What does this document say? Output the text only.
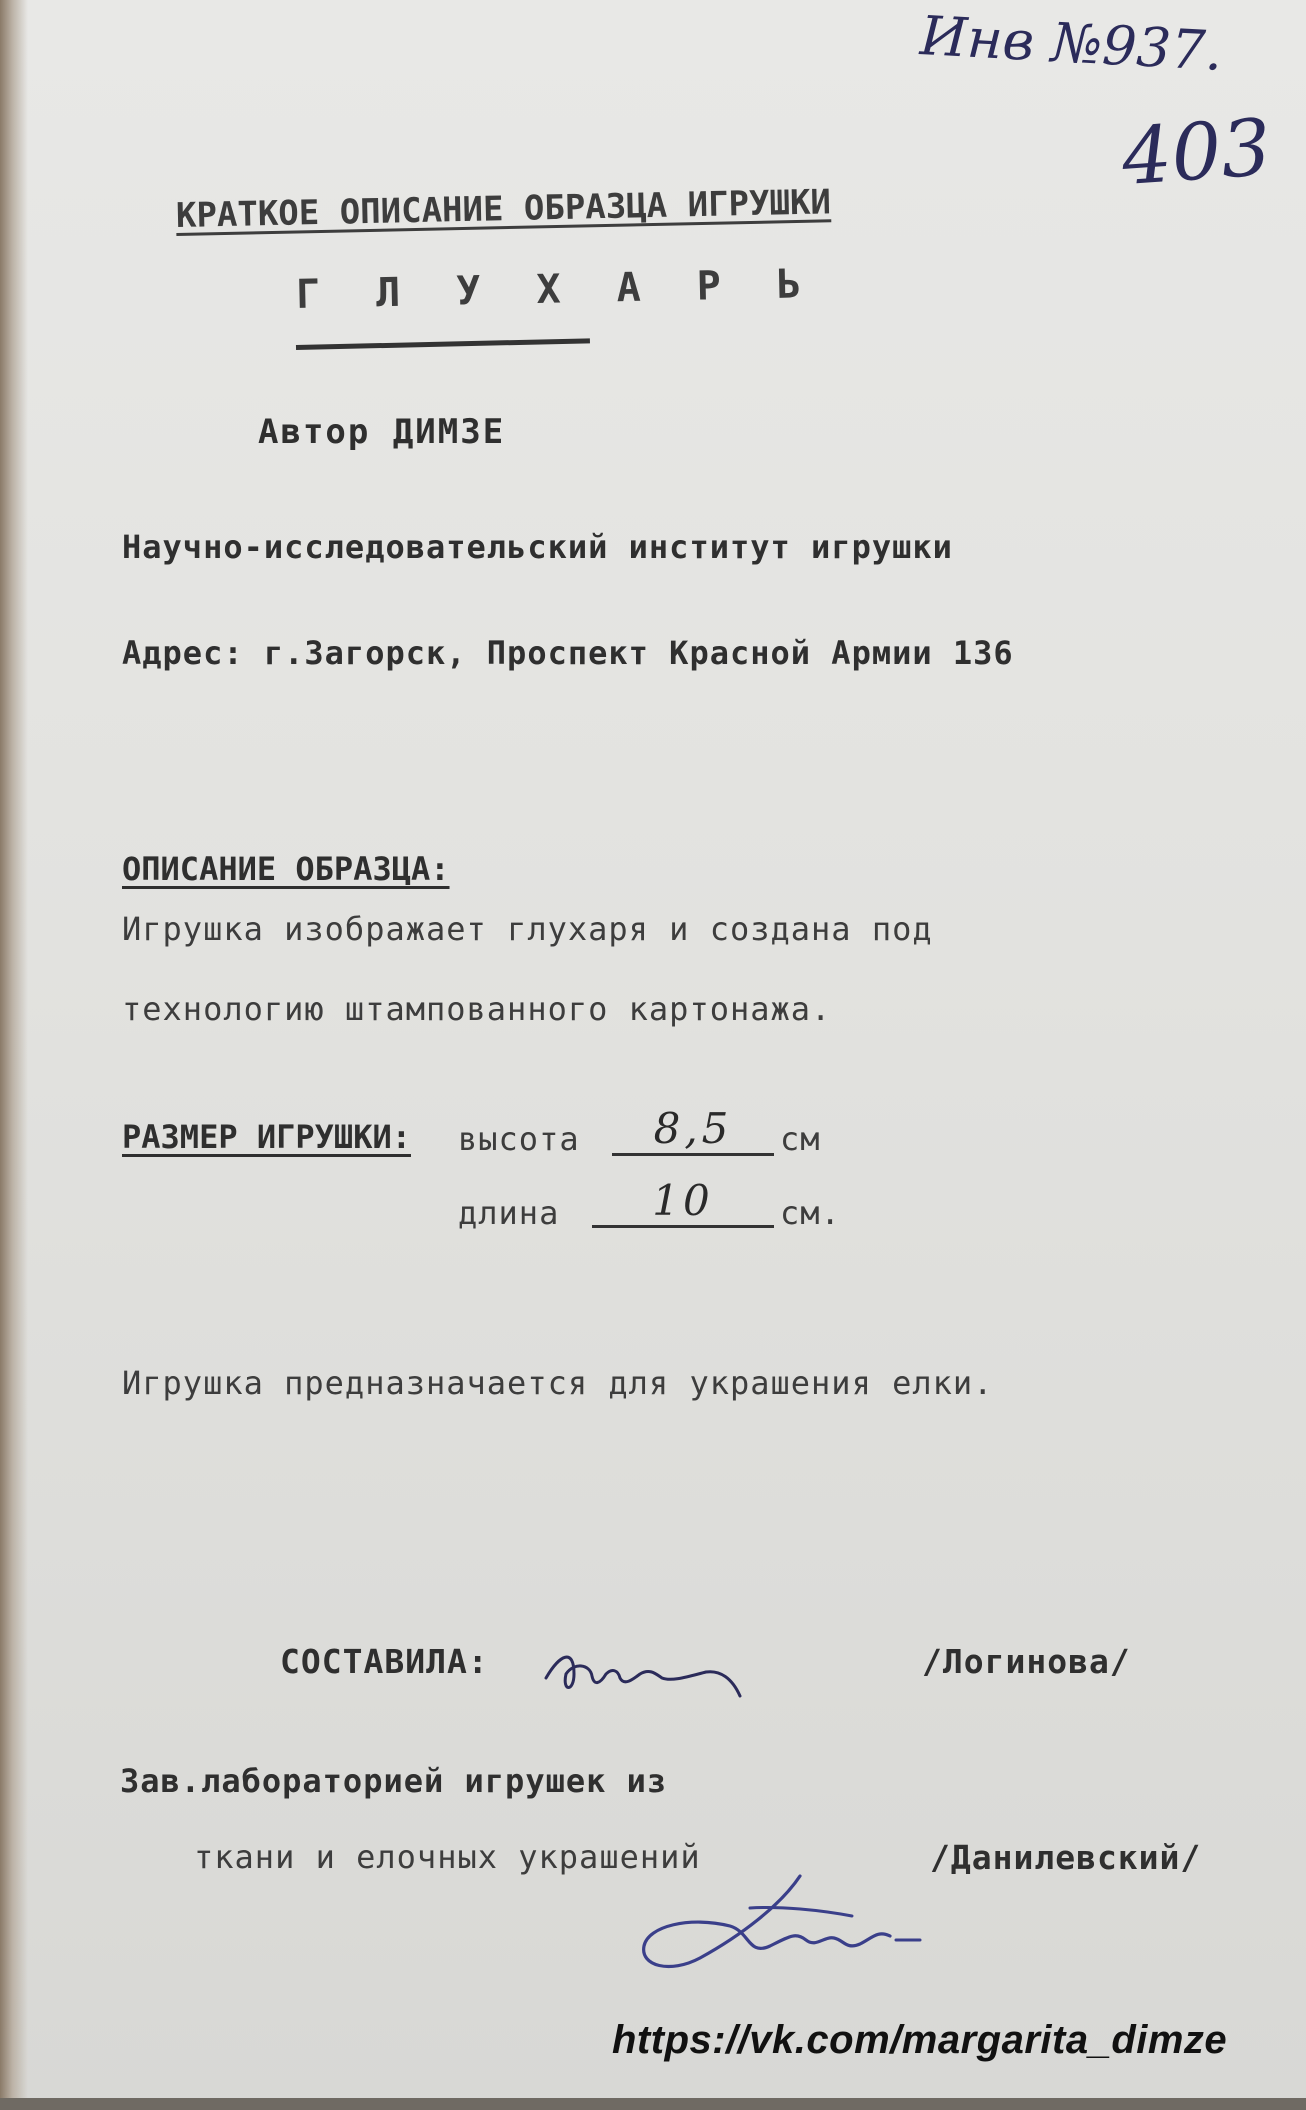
Инв №937.
403
КРАТКОЕ ОПИСАНИЕ ОБРАЗЦА ИГРУШКИ
Г Л У Х А Р Ь
Автор ДИМЗЕ
Научно-исследовательский институт игрушки
Адрес: г.Загорск, Проспект Красной Армии 136
ОПИСАНИЕ ОБРАЗЦА:
Игрушка изображает глухаря и создана под
технологию штампованного картонажа.
РАЗМЕР ИГРУШКИ: высота	8,5	см
длина	10	см.
Игрушка предназначается для украшения елки.
СОСТАВИЛА:	/Логинова/
Зав.лабораторией игрушек из
ткани и елочных украшений	/Данилевский/
https://vk.com/margarita_dimze
